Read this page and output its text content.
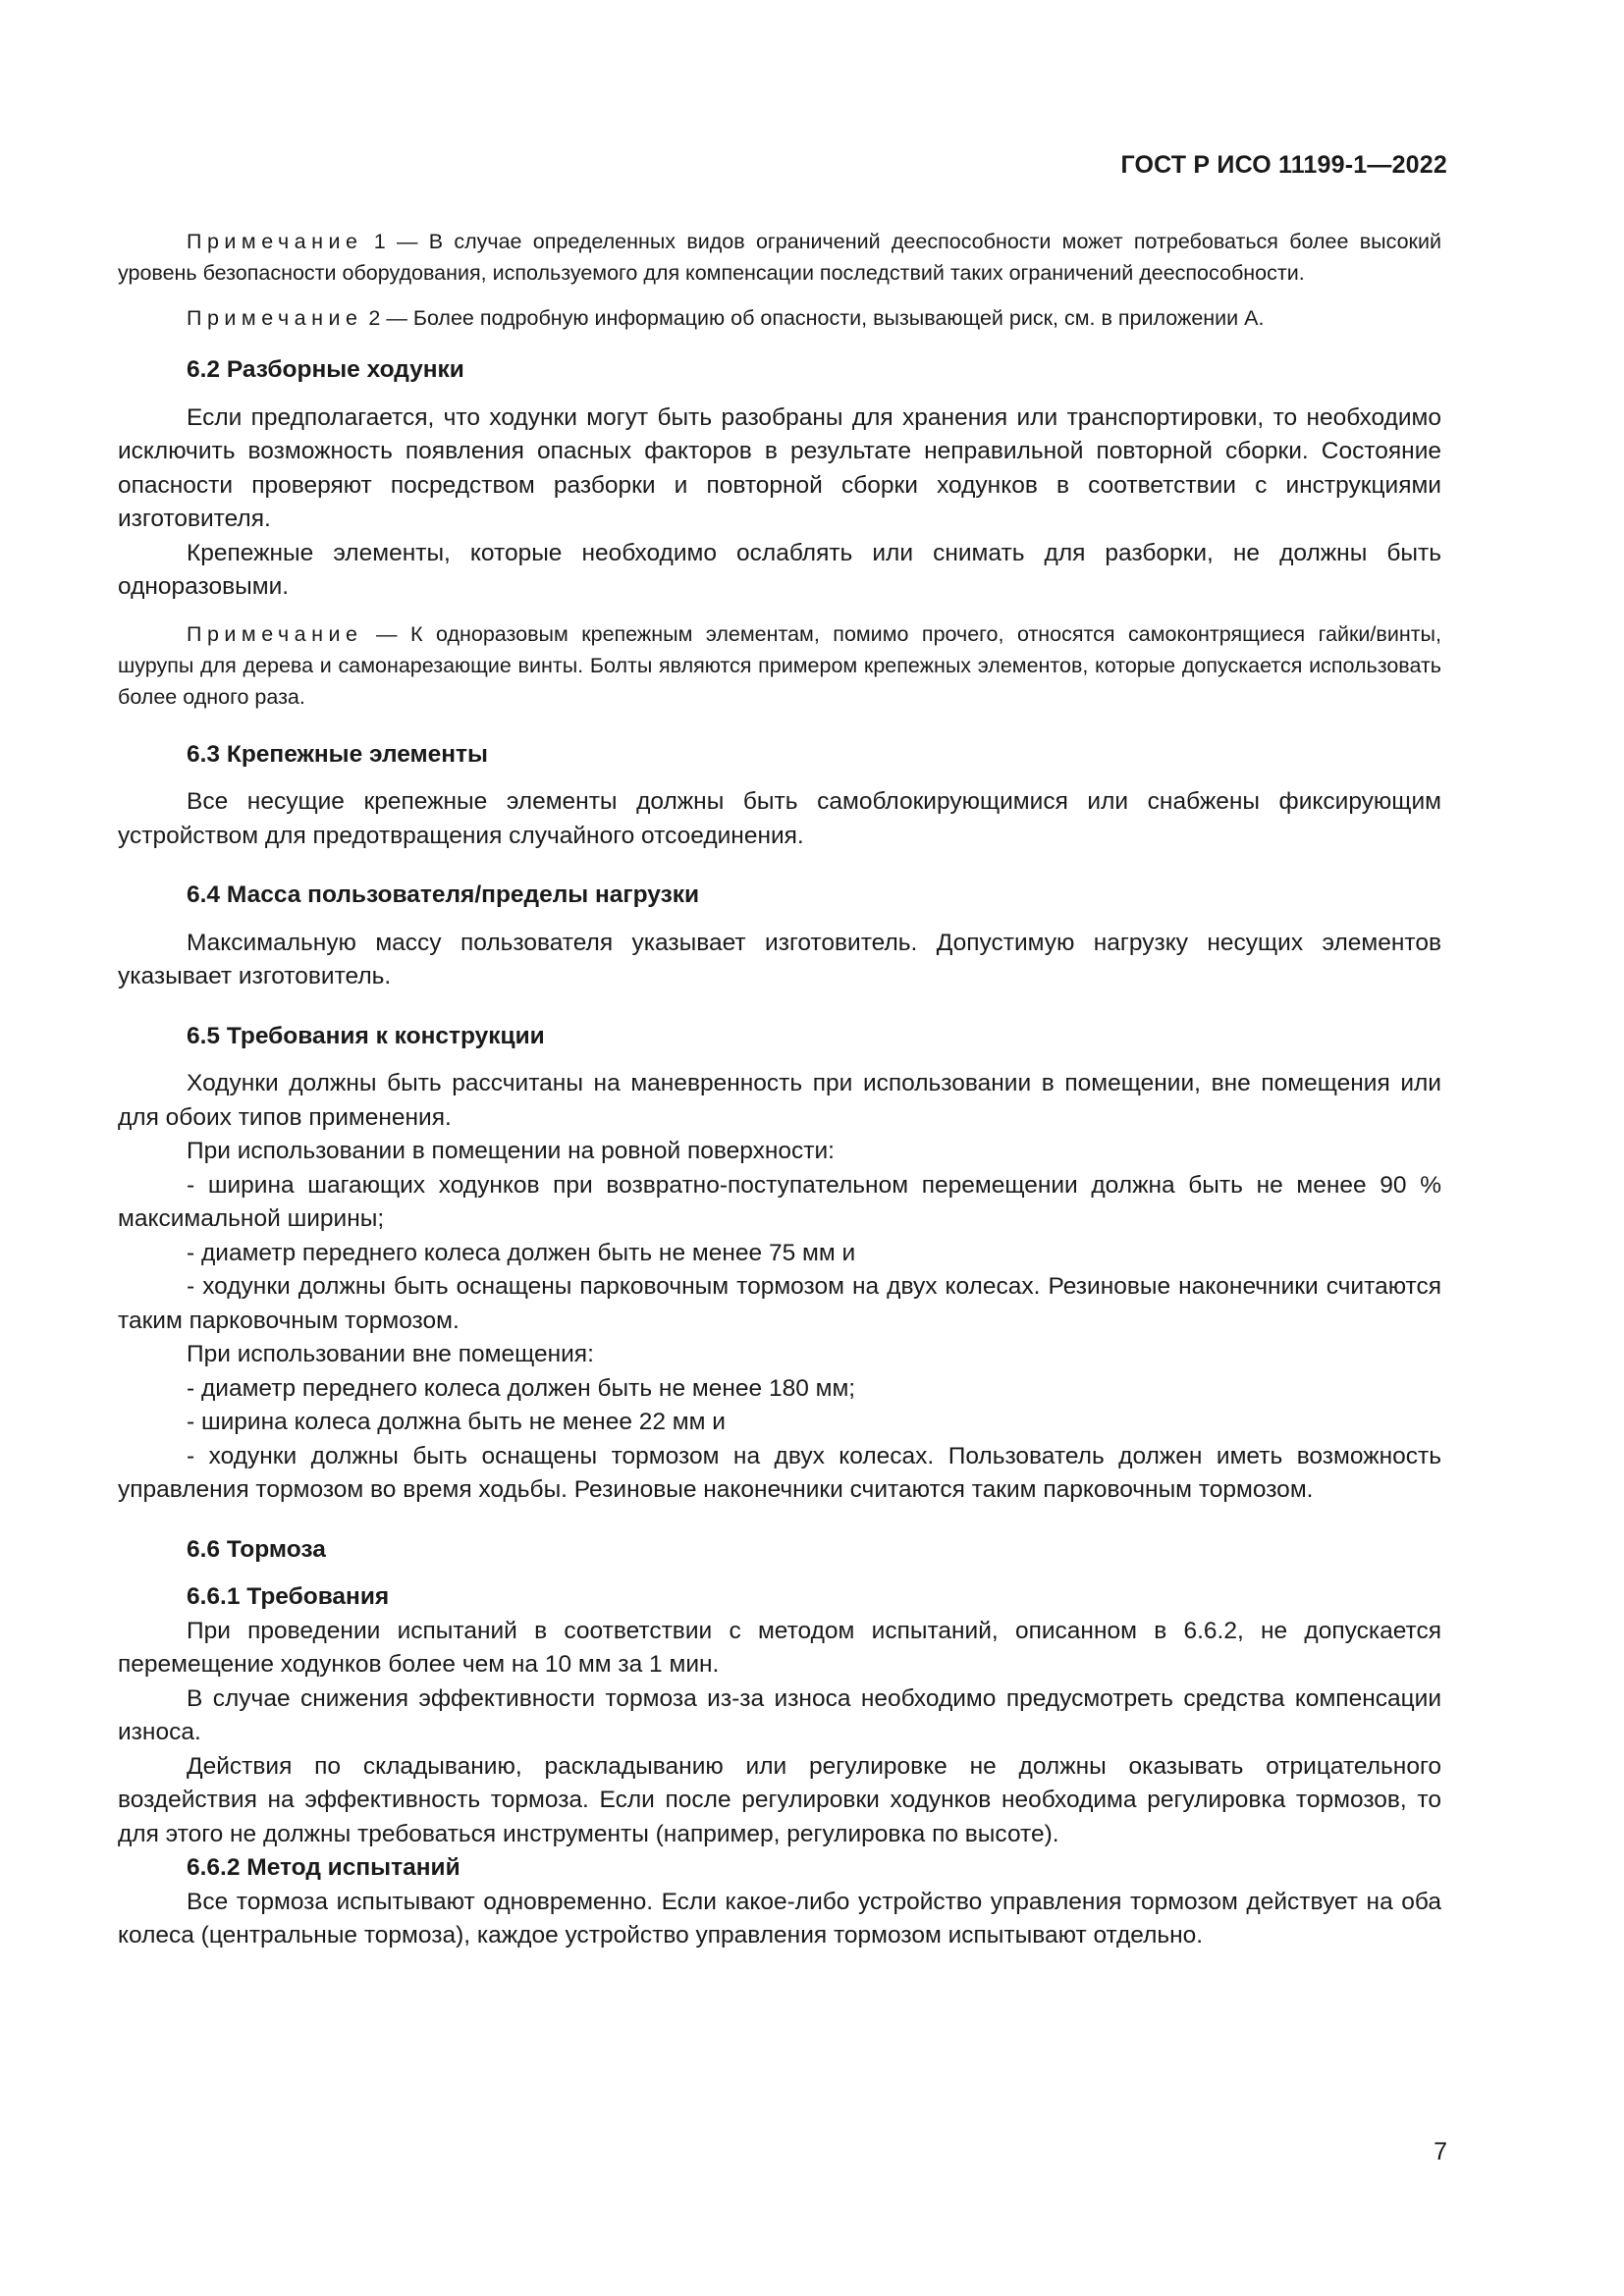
ГОСТ Р ИСО 11199-1—2022

Примечание 1 — В случае определенных видов ограничений дееспособности может потребоваться более высокий уровень безопасности оборудования, используемого для компенсации последствий таких ограничений дееспособности.

Примечание 2 — Более подробную информацию об опасности, вызывающей риск, см. в приложении А.

6.2 Разборные ходунки

Если предполагается, что ходунки могут быть разобраны для хранения или транспортировки, то необходимо исключить возможность появления опасных факторов в результате неправильной повторной сборки. Состояние опасности проверяют посредством разборки и повторной сборки ходунков в соответствии с инструкциями изготовителя.

Крепежные элементы, которые необходимо ослаблять или снимать для разборки, не должны быть одноразовыми.

Примечание — К одноразовым крепежным элементам, помимо прочего, относятся самоконтрящиеся гайки/винты, шурупы для дерева и самонарезающие винты. Болты являются примером крепежных элементов, которые допускается использовать более одного раза.

6.3 Крепежные элементы

Все несущие крепежные элементы должны быть самоблокирующимися или снабжены фиксирующим устройством для предотвращения случайного отсоединения.

6.4 Масса пользователя/пределы нагрузки

Максимальную массу пользователя указывает изготовитель. Допустимую нагрузку несущих элементов указывает изготовитель.

6.5 Требования к конструкции

Ходунки должны быть рассчитаны на маневренность при использовании в помещении, вне помещения или для обоих типов применения.

При использовании в помещении на ровной поверхности:

- ширина шагающих ходунков при возвратно-поступательном перемещении должна быть не менее 90 % максимальной ширины;

- диаметр переднего колеса должен быть не менее 75 мм и

- ходунки должны быть оснащены парковочным тормозом на двух колесах. Резиновые наконечники считаются таким парковочным тормозом.

При использовании вне помещения:

- диаметр переднего колеса должен быть не менее 180 мм;

- ширина колеса должна быть не менее 22 мм и

- ходунки должны быть оснащены тормозом на двух колесах. Пользователь должен иметь возможность управления тормозом во время ходьбы. Резиновые наконечники считаются таким парковочным тормозом.

6.6 Тормоза

6.6.1 Требования

При проведении испытаний в соответствии с методом испытаний, описанном в 6.6.2, не допускается перемещение ходунков более чем на 10 мм за 1 мин.

В случае снижения эффективности тормоза из-за износа необходимо предусмотреть средства компенсации износа.

Действия по складыванию, раскладыванию или регулировке не должны оказывать отрицательного воздействия на эффективность тормоза. Если после регулировки ходунков необходима регулировка тормозов, то для этого не должны требоваться инструменты (например, регулировка по высоте).

6.6.2 Метод испытаний

Все тормоза испытывают одновременно. Если какое-либо устройство управления тормозом действует на оба колеса (центральные тормоза), каждое устройство управления тормозом испытывают отдельно.

7
